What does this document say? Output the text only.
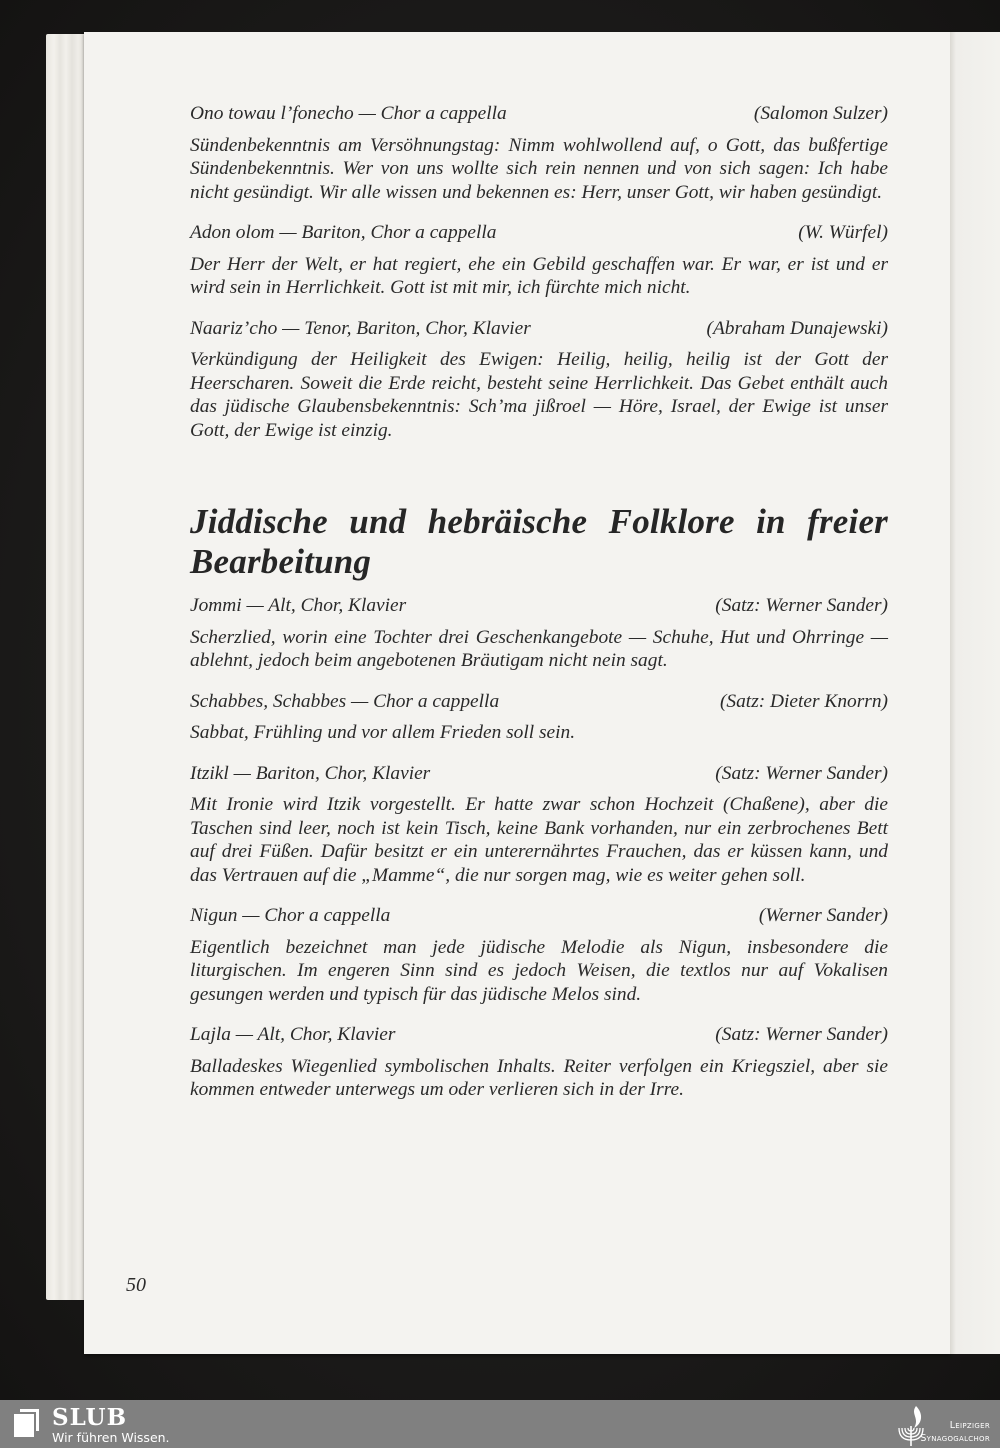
Ono towau l’fonecho — Chor a cappella	(Salomon Sulzer)

Sündenbekenntnis am Versöhnungstag: Nimm wohlwollend auf, o Gott, das bußfertige Sündenbekenntnis. Wer von uns wollte sich rein nennen und von sich sagen: Ich habe nicht gesündigt. Wir alle wissen und bekennen es: Herr, unser Gott, wir haben gesündigt.

Adon olom — Bariton, Chor a cappella	(W. Würfel)

Der Herr der Welt, er hat regiert, ehe ein Gebild geschaffen war. Er war, er ist und er wird sein in Herrlichkeit. Gott ist mit mir, ich fürchte mich nicht.

Naariz’cho — Tenor, Bariton, Chor, Klavier	(Abraham Dunajewski)

Verkündigung der Heiligkeit des Ewigen: Heilig, heilig, heilig ist der Gott der Heerscharen. Soweit die Erde reicht, besteht seine Herrlichkeit. Das Gebet enthält auch das jüdische Glaubensbekenntnis: Sch’ma jißroel — Höre, Israel, der Ewige ist unser Gott, der Ewige ist einzig.

Jiddische und hebräische Folklore in freier Bearbeitung
Jommi — Alt, Chor, Klavier	(Satz: Werner Sander)

Scherzlied, worin eine Tochter drei Geschenkangebote — Schuhe, Hut und Ohrringe — ablehnt, jedoch beim angebotenen Bräutigam nicht nein sagt.

Schabbes, Schabbes — Chor a cappella	(Satz: Dieter Knorrn)

Sabbat, Frühling und vor allem Frieden soll sein.

Itzikl — Bariton, Chor, Klavier	(Satz: Werner Sander)

Mit Ironie wird Itzik vorgestellt. Er hatte zwar schon Hochzeit (Chaßene), aber die Taschen sind leer, noch ist kein Tisch, keine Bank vorhanden, nur ein zerbrochenes Bett auf drei Füßen. Dafür besitzt er ein unterernährtes Frauchen, das er küssen kann, und das Vertrauen auf die „Mamme“, die nur sorgen mag, wie es weiter gehen soll.

Nigun — Chor a cappella	(Werner Sander)

Eigentlich bezeichnet man jede jüdische Melodie als Nigun, insbesondere die liturgischen. Im engeren Sinn sind es jedoch Weisen, die textlos nur auf Vokalisen gesungen werden und typisch für das jüdische Melos sind.

Lajla — Alt, Chor, Klavier	(Satz: Werner Sander)

Balladeskes Wiegenlied symbolischen Inhalts. Reiter verfolgen ein Kriegsziel, aber sie kommen entweder unterwegs um oder verlieren sich in der Irre.

50
SLUB
Wir führen Wissen.
Leipziger
Synagogalchor
